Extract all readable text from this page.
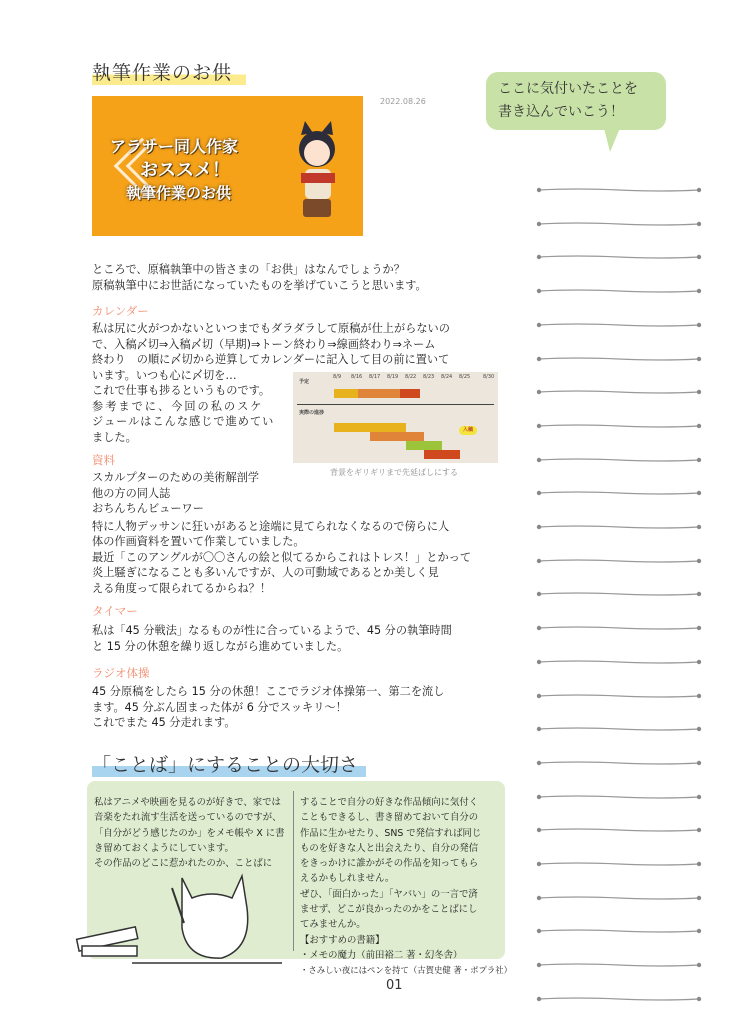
執筆作業のお供
2022.08.26
アラサー同人作家
おススメ！
執筆作業のお供
ここに気付いたことを
書き込んでいこう！
ところで、原稿執筆中の皆さまの「お供」はなんでしょうか？
原稿執筆中にお世話になっていたものを挙げていこうと思います。
カレンダー
私は尻に火がつかないといつまでもダラダラして原稿が仕上がらないの
で、入稿〆切⇒入稿〆切（早期)⇒トーン終わり⇒線画終わり⇒ネーム
終わり　の順に〆切から逆算してカレンダーに記入して目の前に置いて
います。いつも心に〆切を…
これで仕事も捗るというものです。
参考までに、今回の私のスケ
ジュールはこんな感じで進めてい
ました。
予定
実際の進捗
8/9 8/16 8/17 8/19 8/22 8/23 8/24 8/25	8/30
入稿
背景をギリギリまで先延ばしにする
資料
スカルプターのための美術解剖学
他の方の同人誌
おちんちんビューワー
特に人物デッサンに狂いがあると途端に見てられなくなるので傍らに人
体の作画資料を置いて作業していました。
最近「このアングルが〇〇さんの絵と似てるからこれはトレス！」とかって
炎上騒ぎになることも多いんですが、人の可動域であるとか美しく見
える角度って限られてるからね？！
タイマー
私は「45 分戦法」なるものが性に合っているようで、45 分の執筆時間
と 15 分の休憩を繰り返しながら進めていました。
ラジオ体操
45 分原稿をしたら 15 分の休憩！ここでラジオ体操第一、第二を流し
ます。45 分ぶん固まった体が 6 分でスッキリ～！
これでまた 45 分走れます。
「ことば」にすることの大切さ
私はアニメや映画を見るのが好きで、家では
音楽をたれ流す生活を送っているのですが、
「自分がどう感じたのか」をメモ帳や X に書
き留めておくようにしています。
その作品のどこに惹かれたのか、ことばに
することで自分の好きな作品傾向に気付く
こともできるし、書き留めておいて自分の
作品に生かせたり、SNS で発信すれば同じ
ものを好きな人と出会えたり、自分の発信
をきっかけに誰かがその作品を知ってもら
えるかもしれません。
ぜひ、「面白かった」「ヤバい」の一言で済
ませず、どこが良かったのかをことばにし
てみませんか。
【おすすめの書籍】
・メモの魔力（前田裕二 著・幻冬舎）
・さみしい夜にはペンを持て（古賀史健 著・ポプラ社）
01
